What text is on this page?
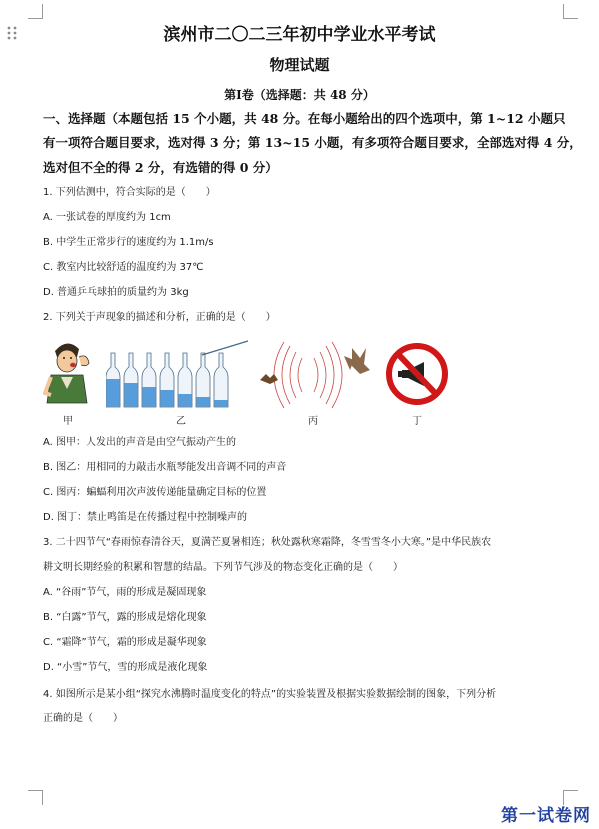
滨州市二〇二三年初中学业水平考试
物理试题
第Ⅰ卷（选择题：共 48 分）
一、选择题（本题包括 15 个小题，共 48 分。在每小题给出的四个选项中，第 1~12 小题只
有一项符合题目要求，选对得 3 分；第 13~15 小题，有多项符合题目要求，全部选对得 4 分，
选对但不全的得 2 分，有选错的得 0 分）
1. 下列估测中，符合实际的是（　　）
A. 一张试卷的厚度约为 1cm
B. 中学生正常步行的速度约为 1.1m/s
C. 教室内比较舒适的温度约为 37℃
D. 普通乒乓球拍的质量约为 3kg
2. 下列关于声现象的描述和分析，正确的是（　　）
甲	乙	丙	丁
A. 图甲：人发出的声音是由空气振动产生的
B. 图乙：用相同的力敲击水瓶琴能发出音调不同的声音
C. 图丙：蝙蝠利用次声波传递能量确定目标的位置
D. 图丁：禁止鸣笛是在传播过程中控制噪声的
3. 二十四节气“春雨惊春清谷天，夏满芒夏暑相连；秋处露秋寒霜降，冬雪雪冬小大寒。”是中华民族农
耕文明长期经验的积累和智慧的结晶。下列节气涉及的物态变化正确的是（　　）
A. “谷雨”节气，雨的形成是凝固现象
B. “白露”节气，露的形成是熔化现象
C. “霜降”节气，霜的形成是凝华现象
D. “小雪”节气，雪的形成是液化现象
4. 如图所示是某小组“探究水沸腾时温度变化的特点”的实验装置及根据实验数据绘制的图象，下列分析
正确的是（　　）
第一试卷网
